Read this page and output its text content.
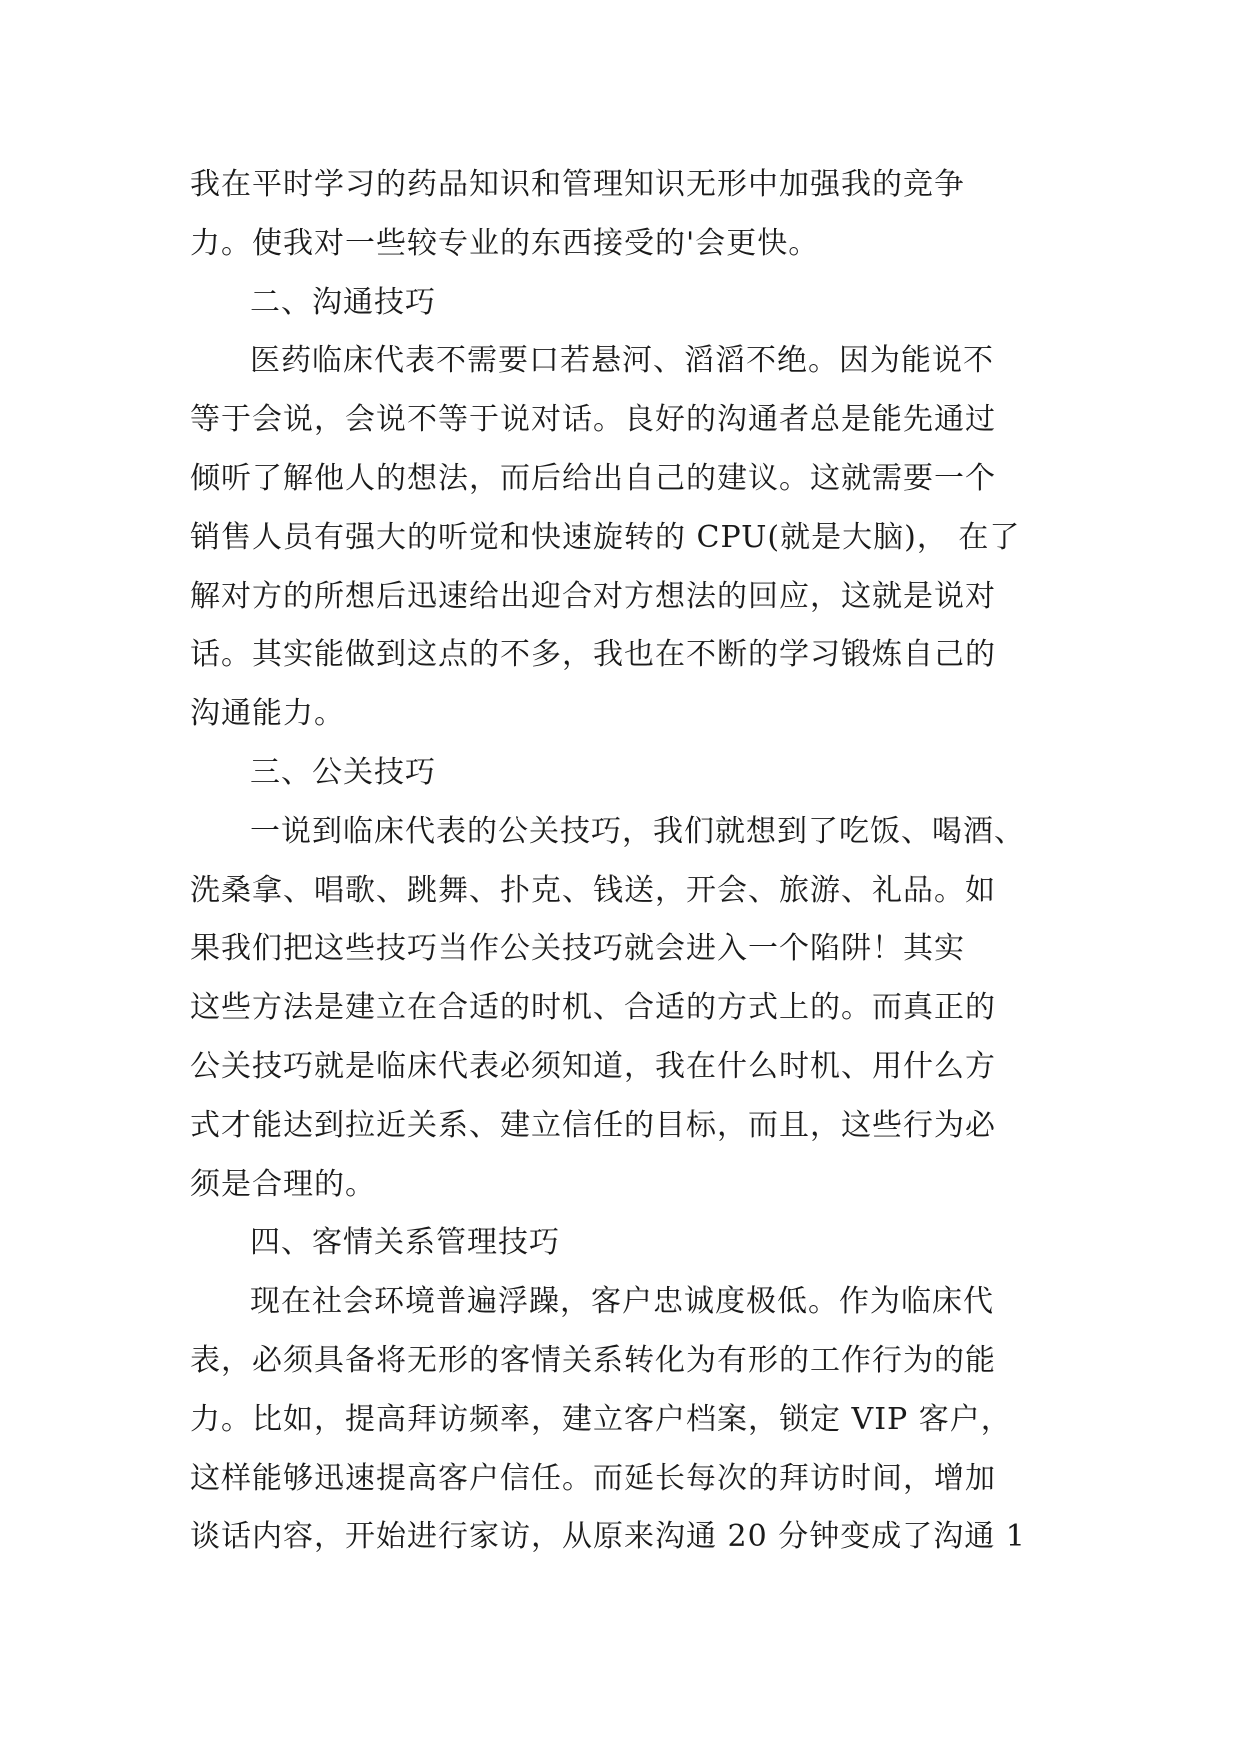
我在平时学习的药品知识和管理知识无形中加强我的竞争
力。使我对一些较专业的东西接受的'会更快。
二、沟通技巧
医药临床代表不需要口若悬河、滔滔不绝。因为能说不
等于会说，会说不等于说对话。良好的沟通者总是能先通过
倾听了解他人的想法，而后给出自己的建议。这就需要一个
销售人员有强大的听觉和快速旋转的 CPU(就是大脑)， 在了
解对方的所想后迅速给出迎合对方想法的回应，这就是说对
话。其实能做到这点的不多，我也在不断的学习锻炼自己的
沟通能力。
三、公关技巧
一说到临床代表的公关技巧，我们就想到了吃饭、喝酒、
洗桑拿、唱歌、跳舞、扑克、钱送，开会、旅游、礼品。如
果我们把这些技巧当作公关技巧就会进入一个陷阱！其实
这些方法是建立在合适的时机、合适的方式上的。而真正的
公关技巧就是临床代表必须知道，我在什么时机、用什么方
式才能达到拉近关系、建立信任的目标，而且，这些行为必
须是合理的。
四、客情关系管理技巧
现在社会环境普遍浮躁，客户忠诚度极低。作为临床代
表，必须具备将无形的客情关系转化为有形的工作行为的能
力。比如，提高拜访频率，建立客户档案，锁定 VIP 客户，
这样能够迅速提高客户信任。而延长每次的拜访时间，增加
谈话内容，开始进行家访，从原来沟通 20 分钟变成了沟通 1
